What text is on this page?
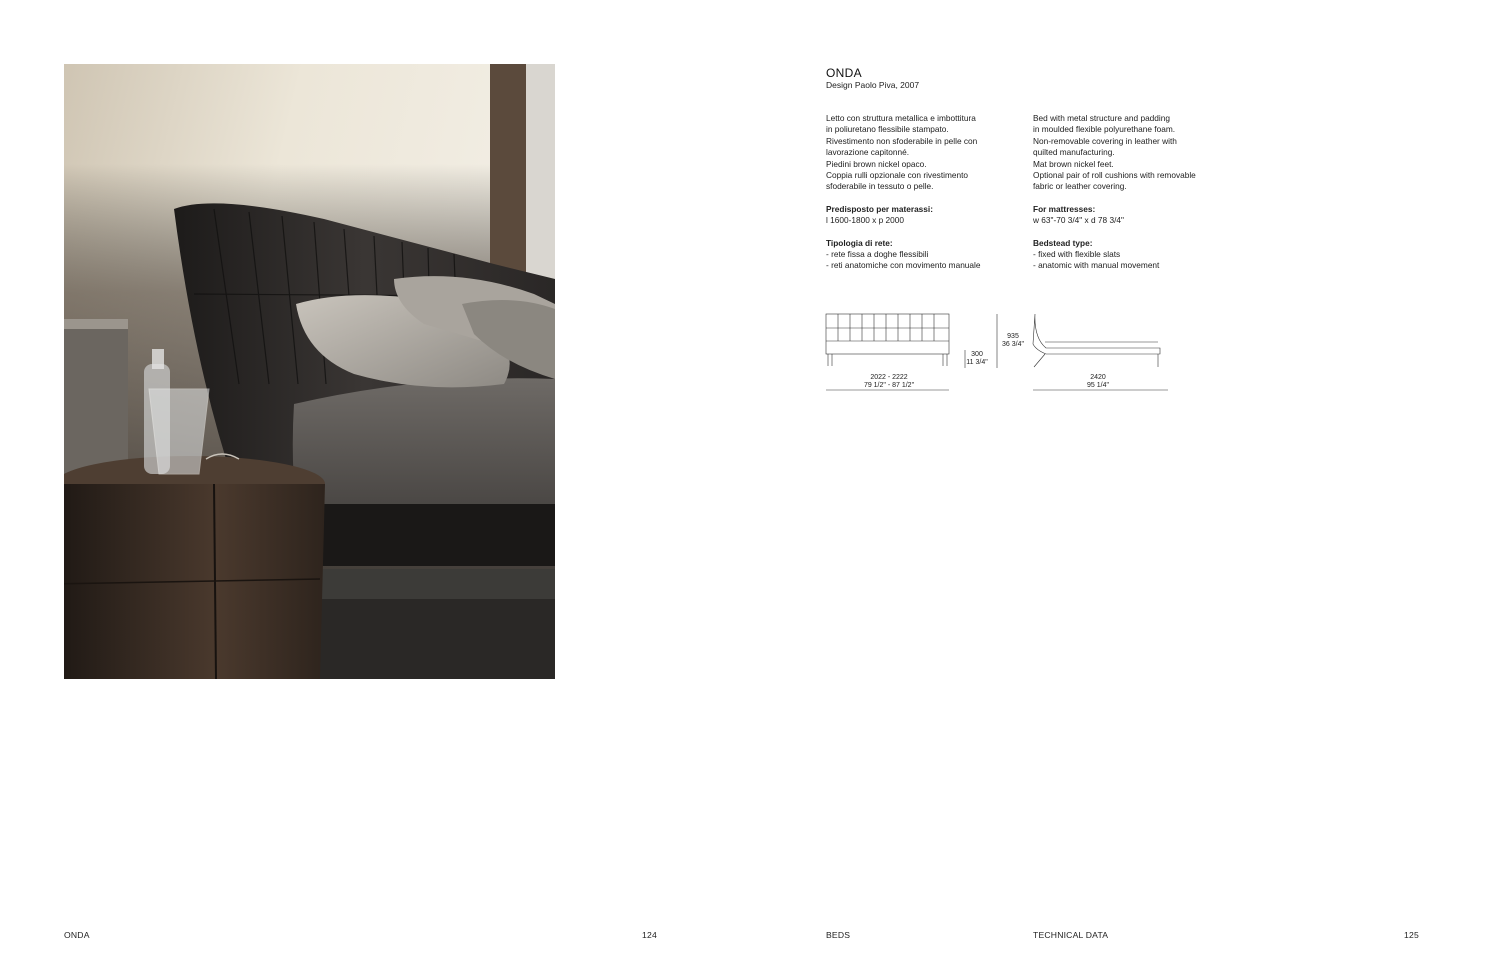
ONDA
Design Paolo Piva, 2007
Letto con struttura metallica e imbottitura
in poliuretano flessibile stampato.
Rivestimento non sfoderabile in pelle con
lavorazione capitonné.
Piedini brown nickel opaco.
Coppia rulli opzionale con rivestimento
sfoderabile in tessuto o pelle.
Predisposto per materassi:
l 1600-1800 x p 2000
Tipologia di rete:
- rete fissa a doghe flessibili
- reti anatomiche con movimento manuale
Bed with metal structure and padding
in moulded flexible polyurethane foam.
Non-removable covering in leather with
quilted manufacturing.
Mat brown nickel feet.
Optional pair of roll cushions with removable
fabric or leather covering.
For mattresses:
w 63"-70 3/4" x d 78 3/4"
Bedstead type:
- fixed with flexible slats
- anatomic with manual movement
2022 - 2222
79 1/2" - 87 1/2"
300
11 3/4"
935
36 3/4"
2420
95 1/4"
ONDA	124	BEDS	TECHNICAL DATA	125
